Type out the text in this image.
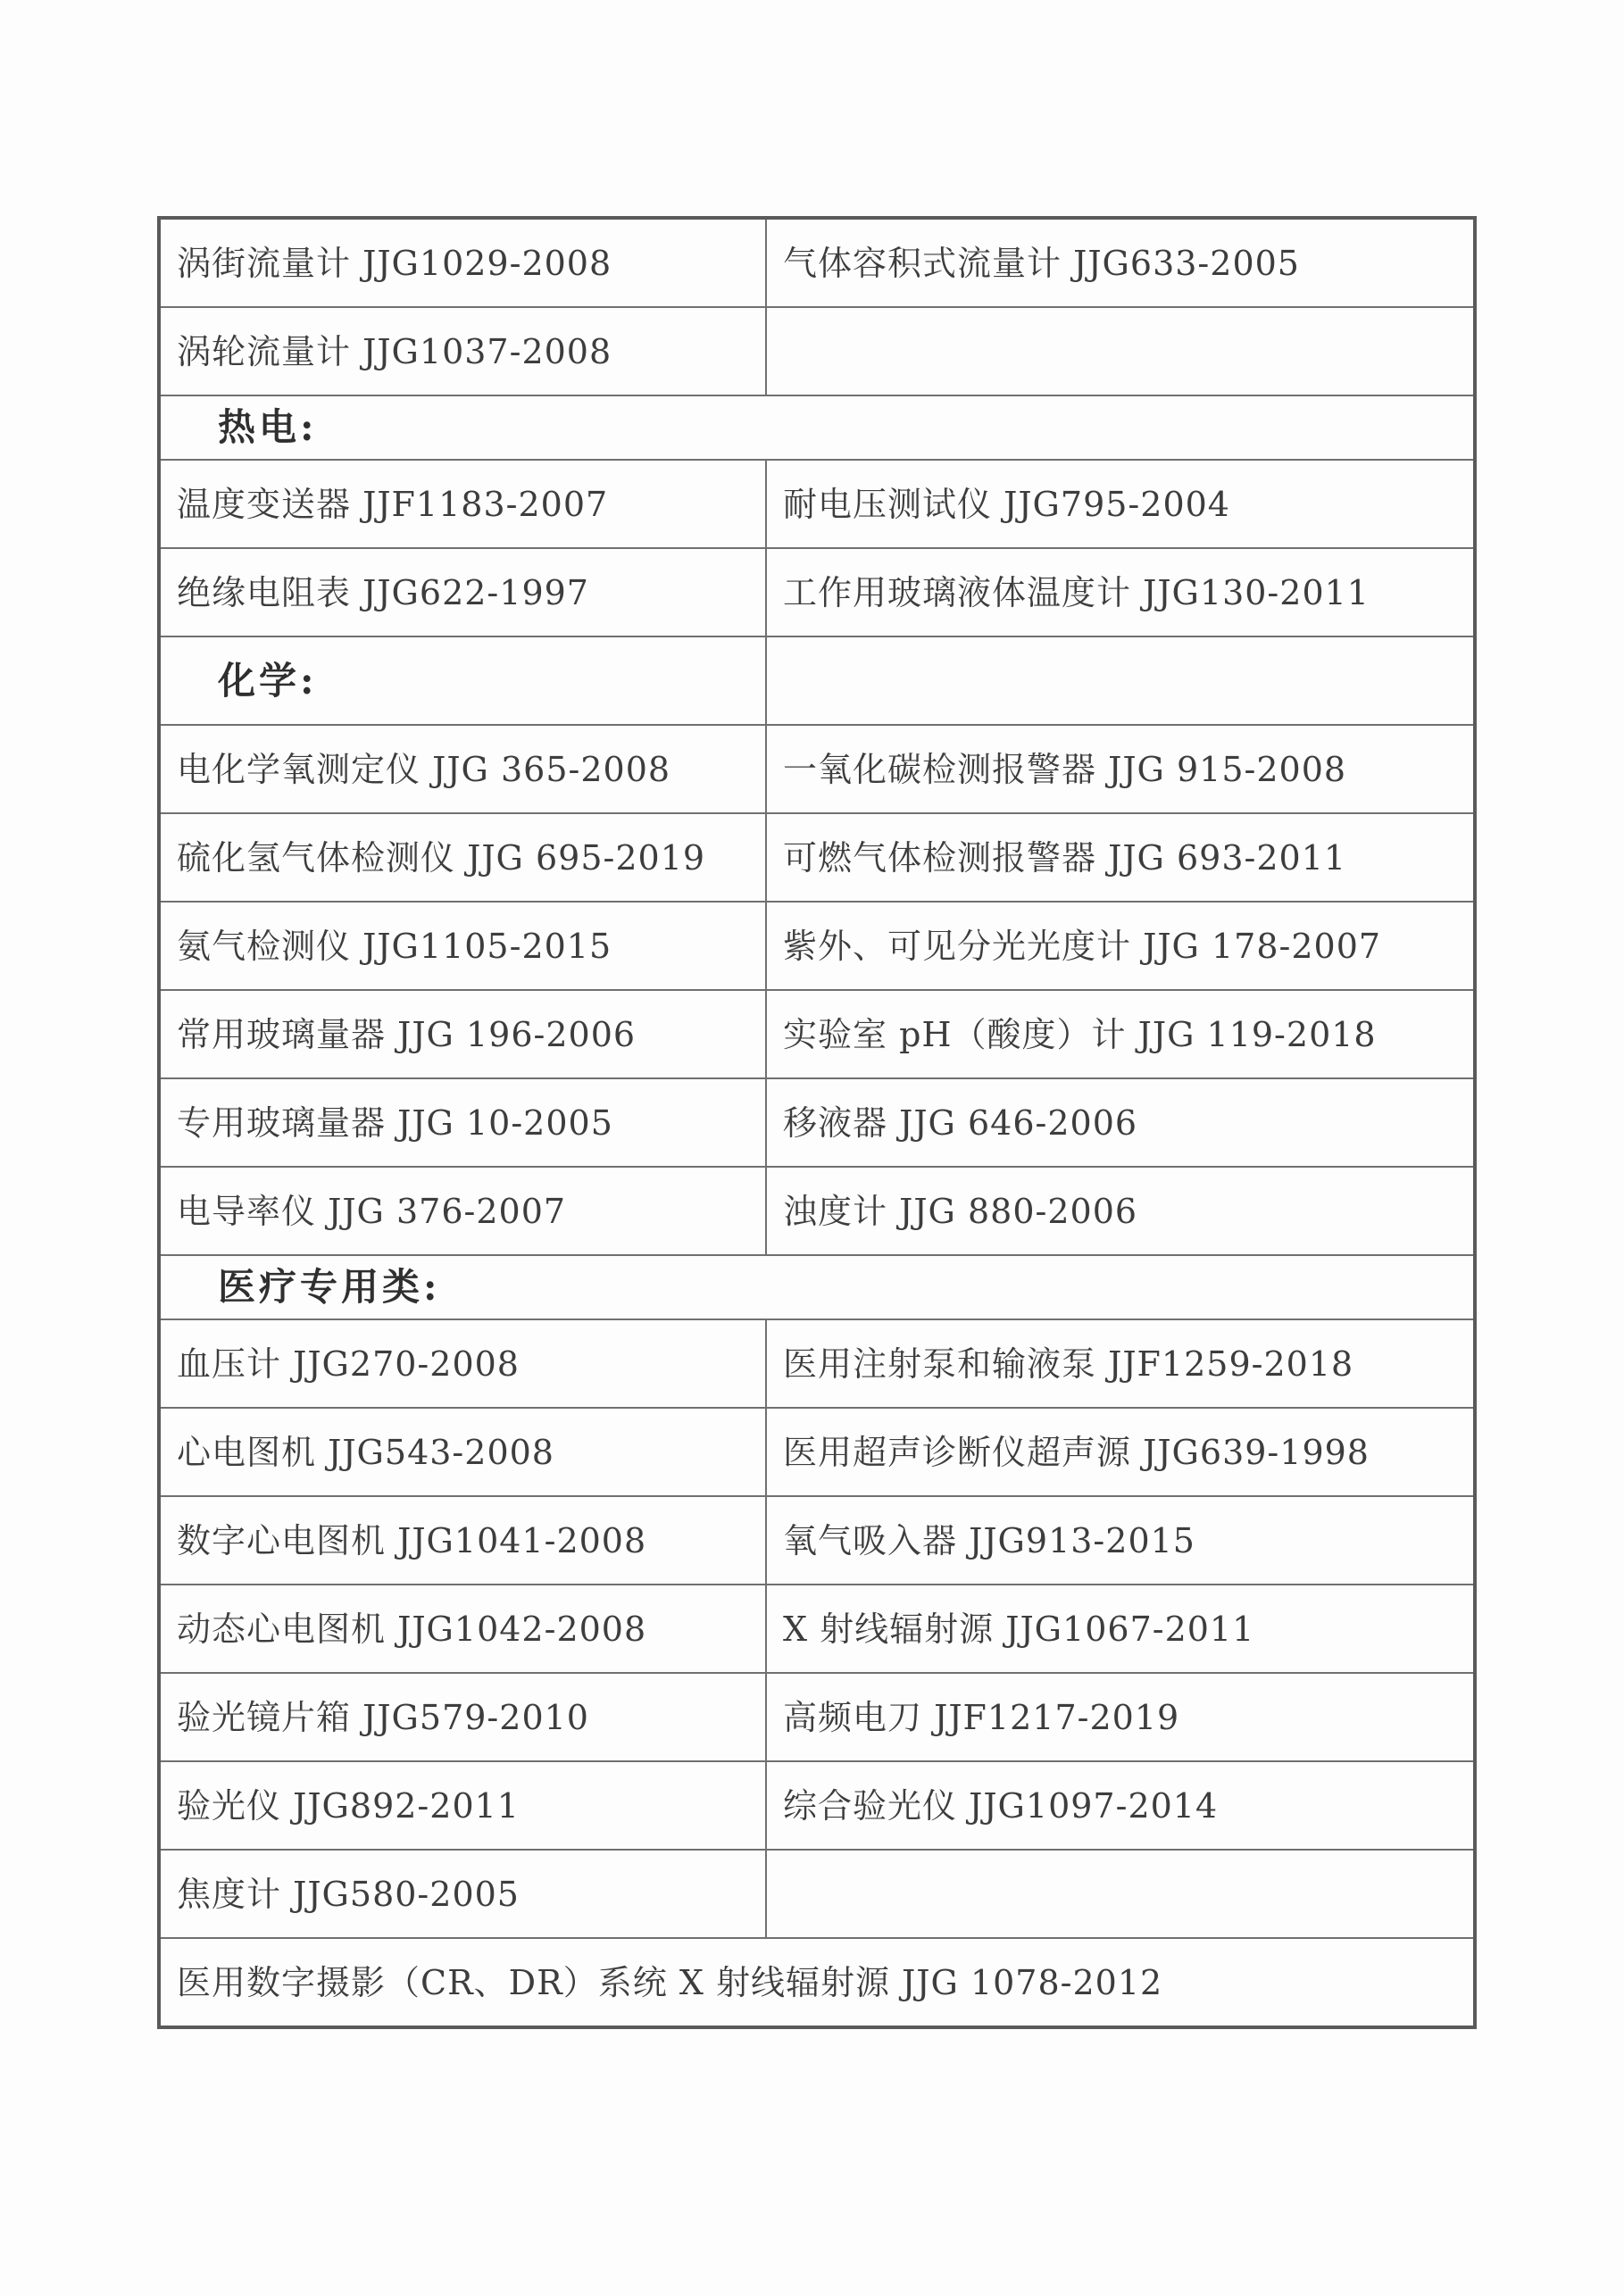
涡街流量计 JJG1029-2008	气体容积式流量计 JJG633-2005
涡轮流量计 JJG1037-2008	
热电:	
温度变送器 JJF1183-2007	耐电压测试仪 JJG795-2004
绝缘电阻表 JJG622-1997	工作用玻璃液体温度计 JJG130-2011
化学:	
电化学氧测定仪 JJG 365-2008	一氧化碳检测报警器 JJG 915-2008
硫化氢气体检测仪 JJG 695-2019	可燃气体检测报警器 JJG 693-2011
氨气检测仪 JJG1105-2015	紫外、可见分光光度计 JJG 178-2007
常用玻璃量器 JJG 196-2006	实验室 pH（酸度）计 JJG 119-2018
专用玻璃量器 JJG 10-2005	移液器 JJG 646-2006
电导率仪 JJG 376-2007	浊度计 JJG 880-2006
医疗专用类:	
血压计 JJG270-2008	医用注射泵和输液泵 JJF1259-2018
心电图机 JJG543-2008	医用超声诊断仪超声源 JJG639-1998
数字心电图机 JJG1041-2008	氧气吸入器 JJG913-2015
动态心电图机 JJG1042-2008	X 射线辐射源 JJG1067-2011
验光镜片箱 JJG579-2010	高频电刀 JJF1217-2019
验光仪 JJG892-2011	综合验光仪 JJG1097-2014
焦度计 JJG580-2005	
医用数字摄影（CR、DR）系统 X 射线辐射源 JJG 1078-2012	
